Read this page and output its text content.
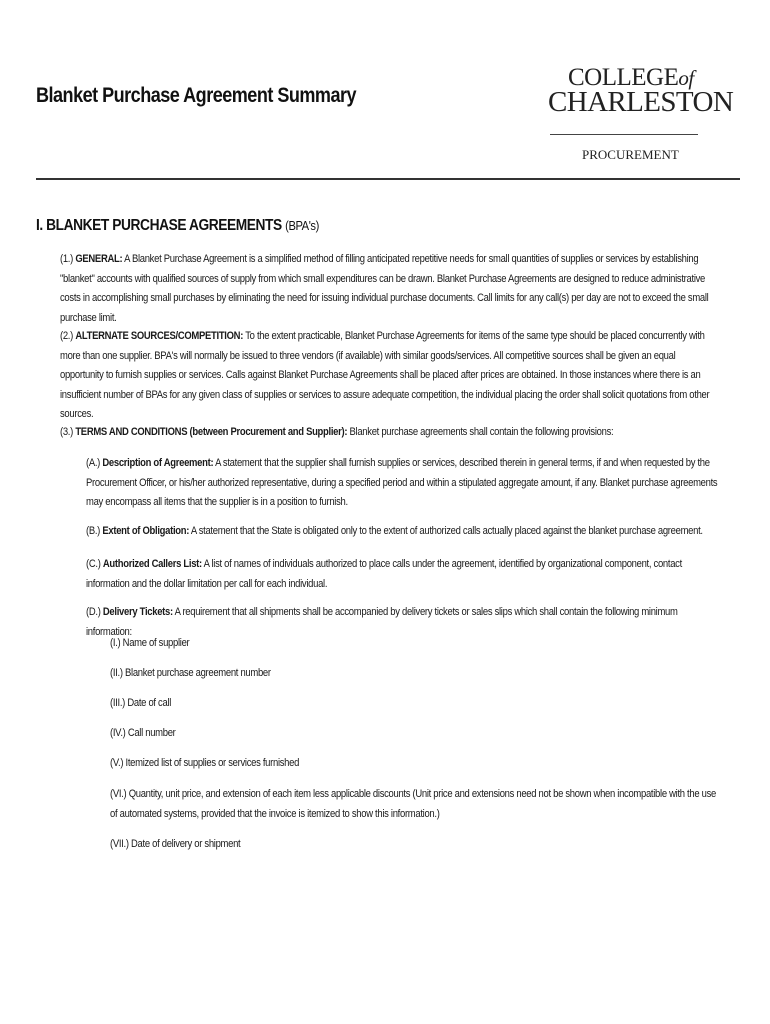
Blanket Purchase Agreement Summary
COLLEGEof
CHARLESTON
PROCUREMENT
I. BLANKET PURCHASE AGREEMENTS (BPA's)
(1.) GENERAL: A Blanket Purchase Agreement is a simplified method of filling anticipated repetitive needs for small quantities of supplies or services by establishing "blanket" accounts with qualified sources of supply from which small expenditures can be drawn. Blanket Purchase Agreements are designed to reduce administrative costs in accomplishing small purchases by eliminating the need for issuing individual purchase documents. Call limits for any call(s) per day are not to exceed the small purchase limit.
(2.) ALTERNATE SOURCES/COMPETITION: To the extent practicable, Blanket Purchase Agreements for items of the same type should be placed concurrently with more than one supplier. BPA's will normally be issued to three vendors (if available) with similar goods/services. All competitive sources shall be given an equal opportunity to furnish supplies or services. Calls against Blanket Purchase Agreements shall be placed after prices are obtained. In those instances where there is an insufficient number of BPAs for any given class of supplies or services to assure adequate competition, the individual placing the order shall solicit quotations from other sources.
(3.) TERMS AND CONDITIONS (between Procurement and Supplier): Blanket purchase agreements shall contain the following provisions:
(A.) Description of Agreement: A statement that the supplier shall furnish supplies or services, described therein in general terms, if and when requested by the Procurement Officer, or his/her authorized representative, during a specified period and within a stipulated aggregate amount, if any. Blanket purchase agreements may encompass all items that the supplier is in a position to furnish.
(B.) Extent of Obligation: A statement that the State is obligated only to the extent of authorized calls actually placed against the blanket purchase agreement.
(C.) Authorized Callers List: A list of names of individuals authorized to place calls under the agreement, identified by organizational component, contact information and the dollar limitation per call for each individual.
(D.) Delivery Tickets: A requirement that all shipments shall be accompanied by delivery tickets or sales slips which shall contain the following minimum information:
(I.) Name of supplier
(II.) Blanket purchase agreement number
(III.) Date of call
(IV.) Call number
(V.) Itemized list of supplies or services furnished
(VI.) Quantity, unit price, and extension of each item less applicable discounts (Unit price and extensions need not be shown when incompatible with the use of automated systems, provided that the invoice is itemized to show this information.)
(VII.) Date of delivery or shipment
